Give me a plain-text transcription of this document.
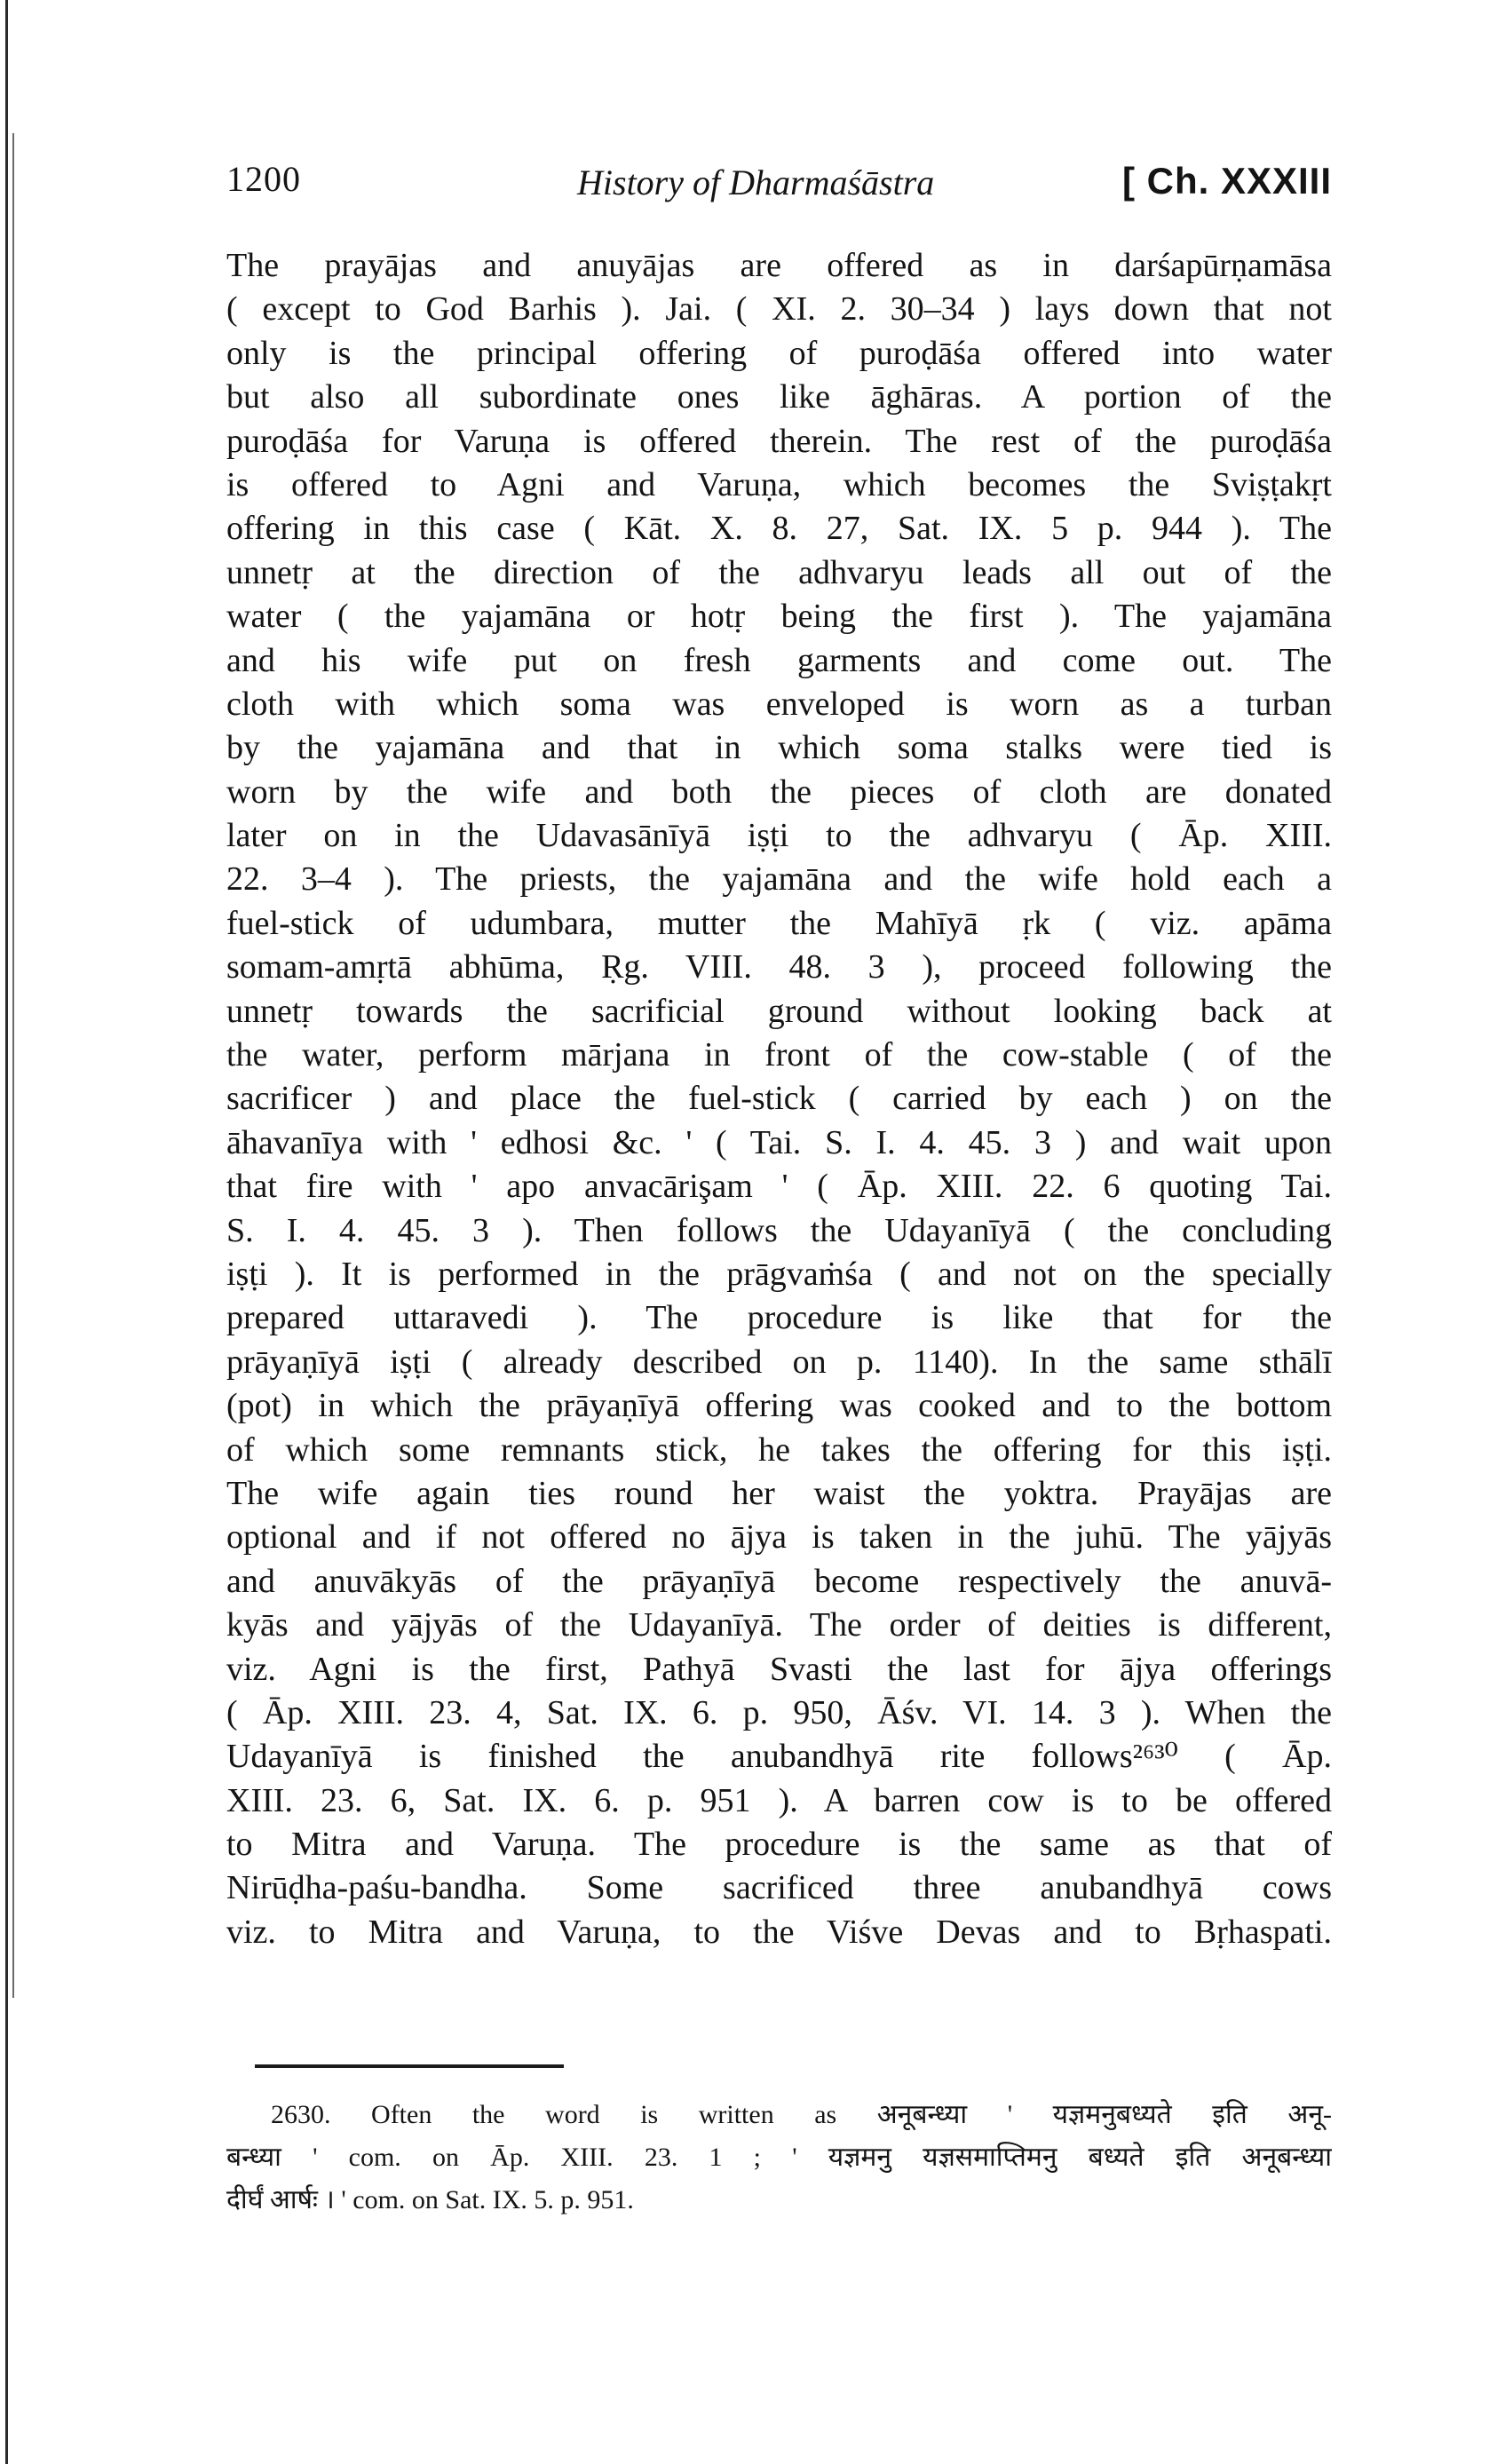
1200	History of Dharmaśāstra	[ Ch. XXXIII
The prayājas and anuyājas are offered as in darśapūrṇamāsa
( except to God Barhis ). Jai. ( XI. 2. 30–34 ) lays down that not
only is the principal offering of puroḍāśa offered into water
but also all subordinate ones like āghāras. A portion of the
puroḍāśa for Varuṇa is offered therein. The rest of the puroḍāśa
is offered to Agni and Varuṇa, which becomes the Sviṣṭakṛt
offering in this case ( Kāt. X. 8. 27, Sat. IX. 5 p. 944 ). The
unnetṛ at the direction of the adhvaryu leads all out of the
water ( the yajamāna or hotṛ being the first ). The yajamāna
and his wife put on fresh garments and come out. The
cloth with which soma was enveloped is worn as a turban
by the yajamāna and that in which soma stalks were tied is
worn by the wife and both the pieces of cloth are donated
later on in the Udavasānīyā iṣṭi to the adhvaryu ( Āp. XIII.
22. 3–4 ). The priests, the yajamāna and the wife hold each a
fuel-stick of udumbara, mutter the Mahīyā ṛk ( viz. apāma
somam-amṛtā abhūma, Ṛg. VIII. 48. 3 ), proceed following the
unnetṛ towards the sacrificial ground without looking back at
the water, perform mārjana in front of the cow-stable ( of the
sacrificer ) and place the fuel-stick ( carried by each ) on the
āhavanīya with ' edhosi &c. ' ( Tai. S. I. 4. 45. 3 ) and wait upon
that fire with ' apo anvacārişam ' ( Āp. XIII. 22. 6 quoting Tai.
S. I. 4. 45. 3 ). Then follows the Udayanīyā ( the concluding
iṣṭi ). It is performed in the prāgvaṁśa ( and not on the specially
prepared uttaravedi ). The procedure is like that for the
prāyaṇīyā iṣṭi ( already described on p. 1140). In the same sthālī
(pot) in which the prāyaṇīyā offering was cooked and to the bottom
of which some remnants stick, he takes the offering for this iṣṭi.
The wife again ties round her waist the yoktra. Prayājas are
optional and if not offered no ājya is taken in the juhū. The yājyās
and anuvākyās of the prāyaṇīyā become respectively the anuvā-
kyās and yājyās of the Udayanīyā. The order of deities is different,
viz. Agni is the first, Pathyā Svasti the last for ājya offerings
( Āp. XIII. 23. 4, Sat. IX. 6. p. 950, Āśv. VI. 14. 3 ). When the
Udayanīyā is finished the anubandhyā rite follows²⁶³⁰ ( Āp.
XIII. 23. 6, Sat. IX. 6. p. 951 ). A barren cow is to be offered
to Mitra and Varuṇa. The procedure is the same as that of
Nirūḍha-paśu-bandha. Some sacrificed three anubandhyā cows
viz. to Mitra and Varuṇa, to the Viśve Devas and to Bṛhaspati.
2630. Often the word is written as अनूबन्ध्या ' यज्ञमनुबध्यते इति अनू-
बन्ध्या ' com. on Āp. XIII. 23. 1 ; ' यज्ञमनु यज्ञसमाप्तिमनु बध्यते इति अनूबन्ध्या
दीर्घं आर्षः । ' com. on Sat. IX. 5. p. 951.
